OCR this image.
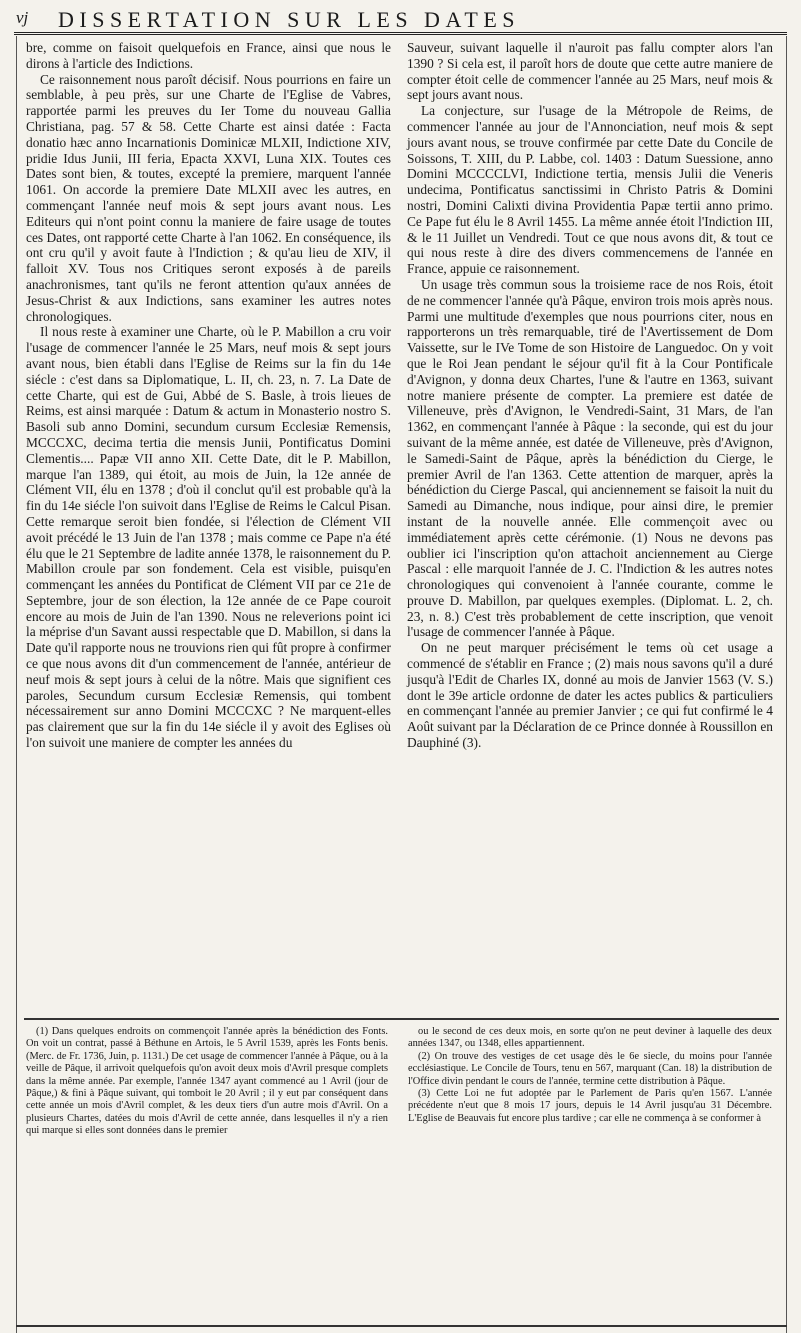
vj DISSERTATION SUR LES DATES

bre, comme on faisoit quelquefois en France, ainsi que nous le dirons à l'article des Indictions.

Ce raisonnement nous paroît décisif. Nous pourrions en faire un semblable, à peu près, sur une Charte de l'Eglise de Vabres, rapportée parmi les preuves du Ier Tome du nouveau Gallia Christiana, pag. 57 & 58. Cette Charte est ainsi datée : Facta donatio hæc anno Incarnationis Dominicæ MLXII, Indictione XIV, pridie Idus Junii, III feria, Epacta XXVI, Luna XIX. Toutes ces Dates sont bien, & toutes, excepté la premiere, marquent l'année 1061. On accorde la premiere Date MLXII avec les autres, en commençant l'année neuf mois & sept jours avant nous. Les Editeurs qui n'ont point connu la maniere de faire usage de toutes ces Dates, ont rapporté cette Charte à l'an 1062. En conséquence, ils ont cru qu'il y avoit faute à l'Indiction ; & qu'au lieu de XIV, il falloit XV. Tous nos Critiques seront exposés à de pareils anachronismes, tant qu'ils ne feront attention qu'aux années de Jesus-Christ & aux Indictions, sans examiner les autres notes chronologiques.

Il nous reste à examiner une Charte, où le P. Mabillon a cru voir l'usage de commencer l'année le 25 Mars, neuf mois & sept jours avant nous, bien établi dans l'Eglise de Reims sur la fin du 14e siécle : c'est dans sa Diplomatique, L. II, ch. 23, n. 7. La Date de cette Charte, qui est de Gui, Abbé de S. Basle, à trois lieues de Reims, est ainsi marquée : Datum & actum in Monasterio nostro S. Basoli sub anno Domini, secundum cursum Ecclesiæ Remensis, MCCCXC, decima tertia die mensis Junii, Pontificatus Domini Clementis.... Papæ VII anno XII. Cette Date, dit le P. Mabillon, marque l'an 1389, qui étoit, au mois de Juin, la 12e année de Clément VII, élu en 1378 ; d'où il conclut qu'il est probable qu'à la fin du 14e siécle l'on suivoit dans l'Eglise de Reims le Calcul Pisan. Cette remarque seroit bien fondée, si l'élection de Clément VII avoit précédé le 13 Juin de l'an 1378 ; mais comme ce Pape n'a été élu que le 21 Septembre de ladite année 1378, le raisonnement du P. Mabillon croule par son fondement. Cela est visible, puisqu'en commençant les années du Pontificat de Clément VII par ce 21e de Septembre, jour de son élection, la 12e année de ce Pape couroit encore au mois de Juin de l'an 1390. Nous ne releverions point ici la méprise d'un Savant aussi respectable que D. Mabillon, si dans la Date qu'il rapporte nous ne trouvions rien qui fût propre à confirmer ce que nous avons dit d'un commencement de l'année, antérieur de neuf mois & sept jours à celui de la nôtre. Mais que signifient ces paroles, Secundum cursum Ecclesiæ Remensis, qui tombent nécessairement sur anno Domini MCCCXC ? Ne marquent-elles pas clairement que sur la fin du 14e siécle il y avoit des Eglises où l'on suivoit une maniere de compter les années du

Sauveur, suivant laquelle il n'auroit pas fallu compter alors l'an 1390 ? Si cela est, il paroît hors de doute que cette autre maniere de compter étoit celle de commencer l'année au 25 Mars, neuf mois & sept jours avant nous.

La conjecture, sur l'usage de la Métropole de Reims, de commencer l'année au jour de l'Annonciation, neuf mois & sept jours avant nous, se trouve confirmée par cette Date du Concile de Soissons, T. XIII, du P. Labbe, col. 1403 : Datum Suessione, anno Domini MCCCCLVI, Indictione tertia, mensis Julii die Veneris undecima, Pontificatus sanctissimi in Christo Patris & Domini nostri, Domini Calixti divina Providentia Papæ tertii anno primo. Ce Pape fut élu le 8 Avril 1455. La même année étoit l'Indiction III, & le 11 Juillet un Vendredi. Tout ce que nous avons dit, & tout ce qui nous reste à dire des divers commencemens de l'année en France, appuie ce raisonnement.

Un usage très commun sous la troisieme race de nos Rois, étoit de ne commencer l'année qu'à Pâque, environ trois mois après nous. Parmi une multitude d'exemples que nous pourrions citer, nous en rapporterons un très remarquable, tiré de l'Avertissement de Dom Vaissette, sur le IVe Tome de son Histoire de Languedoc. On y voit que le Roi Jean pendant le séjour qu'il fit à la Cour Pontificale d'Avignon, y donna deux Chartes, l'une & l'autre en 1363, suivant notre maniere présente de compter. La premiere est datée de Villeneuve, près d'Avignon, le Vendredi-Saint, 31 Mars, de l'an 1362, en commençant l'année à Pâque : la seconde, qui est du jour suivant de la même année, est datée de Villeneuve, près d'Avignon, le Samedi-Saint de Pâque, après la bénédiction du Cierge, le premier Avril de l'an 1363. Cette attention de marquer, après la bénédiction du Cierge Pascal, qui anciennement se faisoit la nuit du Samedi au Dimanche, nous indique, pour ainsi dire, le premier instant de la nouvelle année. Elle commençoit avec ou immédiatement après cette cérémonie. (1) Nous ne devons pas oublier ici l'inscription qu'on attachoit anciennement au Cierge Pascal : elle marquoit l'année de J. C. l'Indiction & les autres notes chronologiques qui convenoient à l'année courante, comme le prouve D. Mabillon, par quelques exemples. (Diplomat. L. 2, ch. 23, n. 8.) C'est très probablement de cette inscription, que venoit l'usage de commencer l'année à Pâque.

On ne peut marquer précisément le tems où cet usage a commencé de s'établir en France ; (2) mais nous savons qu'il a duré jusqu'à l'Edit de Charles IX, donné au mois de Janvier 1563 (V. S.) dont le 39e article ordonne de dater les actes publics & particuliers en commençant l'année au premier Janvier ; ce qui fut confirmé le 4 Août suivant par la Déclaration de ce Prince donnée à Roussillon en Dauphiné (3).

(1) Dans quelques endroits on commençoit l'année après la bénédiction des Fonts. On voit un contrat, passé à Béthune en Artois, le 5 Avril 1539, après les Fonts benis. (Merc. de Fr. 1736, Juin, p. 1131.) De cet usage de commencer l'année à Pâque, ou à la veille de Pâque, il arrivoit quelquefois qu'on avoit deux mois d'Avril presque complets dans la même année. Par exemple, l'année 1347 ayant commencé au 1 Avril (jour de Pâque,) & fini à Pâque suivant, qui tomboit le 20 Avril ; il y eut par conséquent dans cette année un mois d'Avril complet, & les deux tiers d'un autre mois d'Avril. On a plusieurs Chartes, datées du mois d'Avril de cette année, dans lesquelles il n'y a rien qui marque si elles sont données dans le premier

ou le second de ces deux mois, en sorte qu'on ne peut deviner à laquelle des deux années 1347, ou 1348, elles appartiennent.

(2) On trouve des vestiges de cet usage dès le 6e siecle, du moins pour l'année ecclésiastique. Le Concile de Tours, tenu en 567, marquant (Can. 18) la distribution de l'Office divin pendant le cours de l'année, termine cette distribution à Pâque.

(3) Cette Loi ne fut adoptée par le Parlement de Paris qu'en 1567. L'année précédente n'eut que 8 mois 17 jours, depuis le 14 Avril jusqu'au 31 Décembre. L'Eglise de Beauvais fut encore plus tardive ; car elle ne commença à se conformer à
